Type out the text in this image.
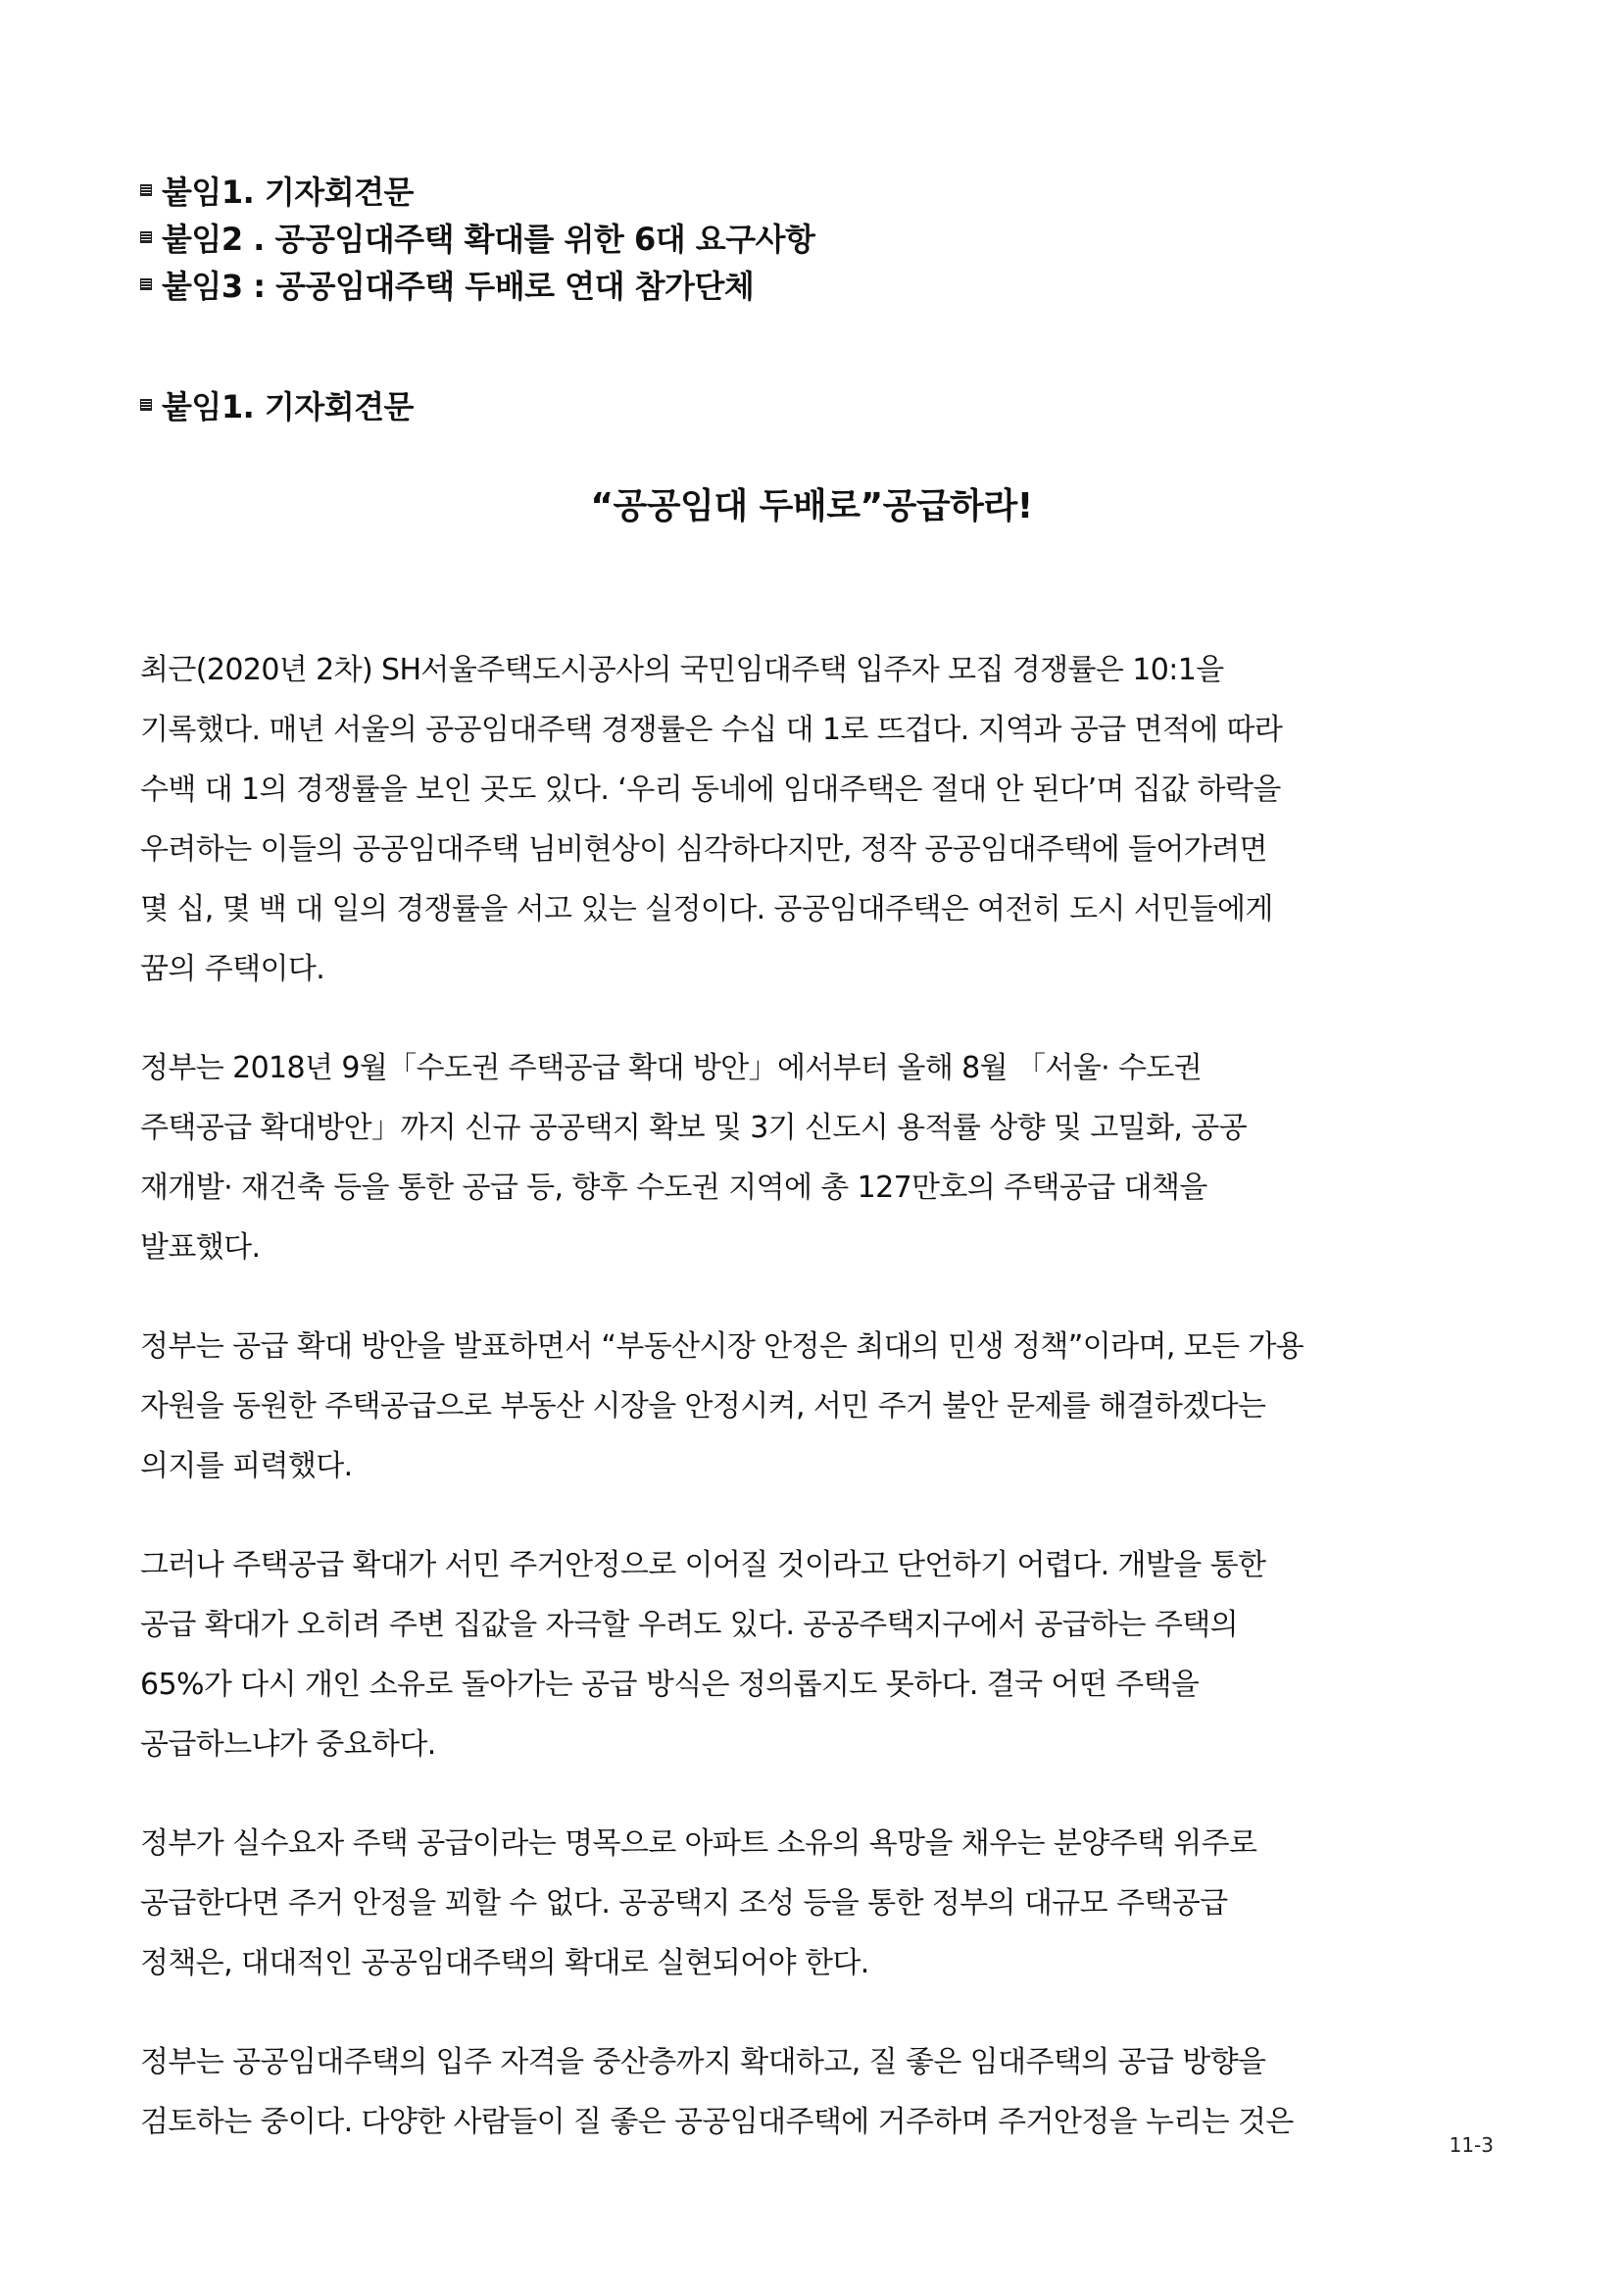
붙임1. 기자회견문
붙임2 . 공공임대주택 확대를 위한 6대 요구사항
붙임3 : 공공임대주택 두배로 연대 참가단체
붙임1. 기자회견문
“공공임대 두배로”공급하라!
최근(2020년 2차) SH서울주택도시공사의 국민임대주택 입주자 모집 경쟁률은 10:1을
기록했다. 매년 서울의 공공임대주택 경쟁률은 수십 대 1로 뜨겁다. 지역과 공급 면적에 따라
수백 대 1의 경쟁률을 보인 곳도 있다. ‘우리 동네에 임대주택은 절대 안 된다’며 집값 하락을
우려하는 이들의 공공임대주택 님비현상이 심각하다지만, 정작 공공임대주택에 들어가려면
몇 십, 몇 백 대 일의 경쟁률을 서고 있는 실정이다. 공공임대주택은 여전히 도시 서민들에게
꿈의 주택이다.
정부는 2018년 9월「수도권 주택공급 확대 방안」에서부터 올해 8월 「서울· 수도권
주택공급 확대방안」까지 신규 공공택지 확보 및 3기 신도시 용적률 상향 및 고밀화, 공공
재개발· 재건축 등을 통한 공급 등, 향후 수도권 지역에 총 127만호의 주택공급 대책을
발표했다.
정부는 공급 확대 방안을 발표하면서 “부동산시장 안정은 최대의 민생 정책”이라며, 모든 가용
자원을 동원한 주택공급으로 부동산 시장을 안정시켜, 서민 주거 불안 문제를 해결하겠다는
의지를 피력했다.
그러나 주택공급 확대가 서민 주거안정으로 이어질 것이라고 단언하기 어렵다. 개발을 통한
공급 확대가 오히려 주변 집값을 자극할 우려도 있다. 공공주택지구에서 공급하는 주택의
65%가 다시 개인 소유로 돌아가는 공급 방식은 정의롭지도 못하다. 결국 어떤 주택을
공급하느냐가 중요하다.
정부가 실수요자 주택 공급이라는 명목으로 아파트 소유의 욕망을 채우는 분양주택 위주로
공급한다면 주거 안정을 꾀할 수 없다. 공공택지 조성 등을 통한 정부의 대규모 주택공급
정책은, 대대적인 공공임대주택의 확대로 실현되어야 한다.
정부는 공공임대주택의 입주 자격을 중산층까지 확대하고, 질 좋은 임대주택의 공급 방향을
검토하는 중이다. 다양한 사람들이 질 좋은 공공임대주택에 거주하며 주거안정을 누리는 것은
11-3
